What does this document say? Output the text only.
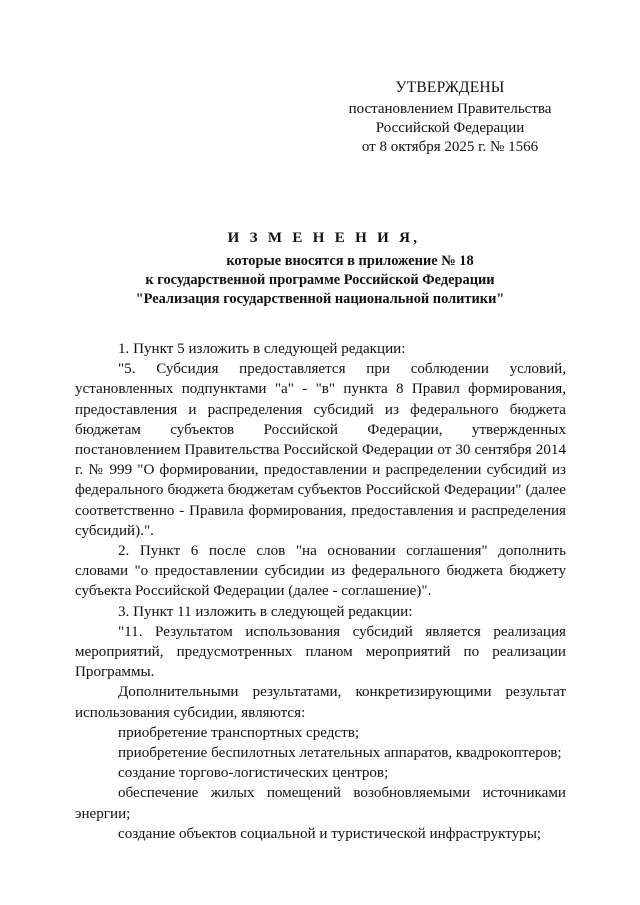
УТВЕРЖДЕНЫ
постановлением Правительства
Российской Федерации
от 8 октября 2025 г. № 1566
И З М Е Н Е Н И Я,
которые вносятся в приложение № 18
к государственной программе Российской Федерации
"Реализация государственной национальной политики"

1. Пункт 5 изложить в следующей редакции:

"5. Субсидия предоставляется при соблюдении условий, установленных подпунктами "а" - "в" пункта 8 Правил формирования, предоставления и распределения субсидий из федерального бюджета бюджетам субъектов Российской Федерации, утвержденных постановлением Правительства Российской Федерации от 30 сентября 2014 г. № 999 "О формировании, предоставлении и распределении субсидий из федерального бюджета бюджетам субъектов Российской Федерации" (далее соответственно - Правила формирования, предоставления и распределения субсидий).".

2. Пункт 6 после слов "на основании соглашения" дополнить словами "о предоставлении субсидии из федерального бюджета бюджету субъекта Российской Федерации (далее - соглашение)".

3. Пункт 11 изложить в следующей редакции:

"11. Результатом использования субсидий является реализация мероприятий, предусмотренных планом мероприятий по реализации Программы.

Дополнительными результатами, конкретизирующими результат использования субсидии, являются:

приобретение транспортных средств;

приобретение беспилотных летательных аппаратов, квадрокоптеров;

создание торгово-логистических центров;

обеспечение жилых помещений возобновляемыми источниками энергии;

создание объектов социальной и туристической инфраструктуры;
